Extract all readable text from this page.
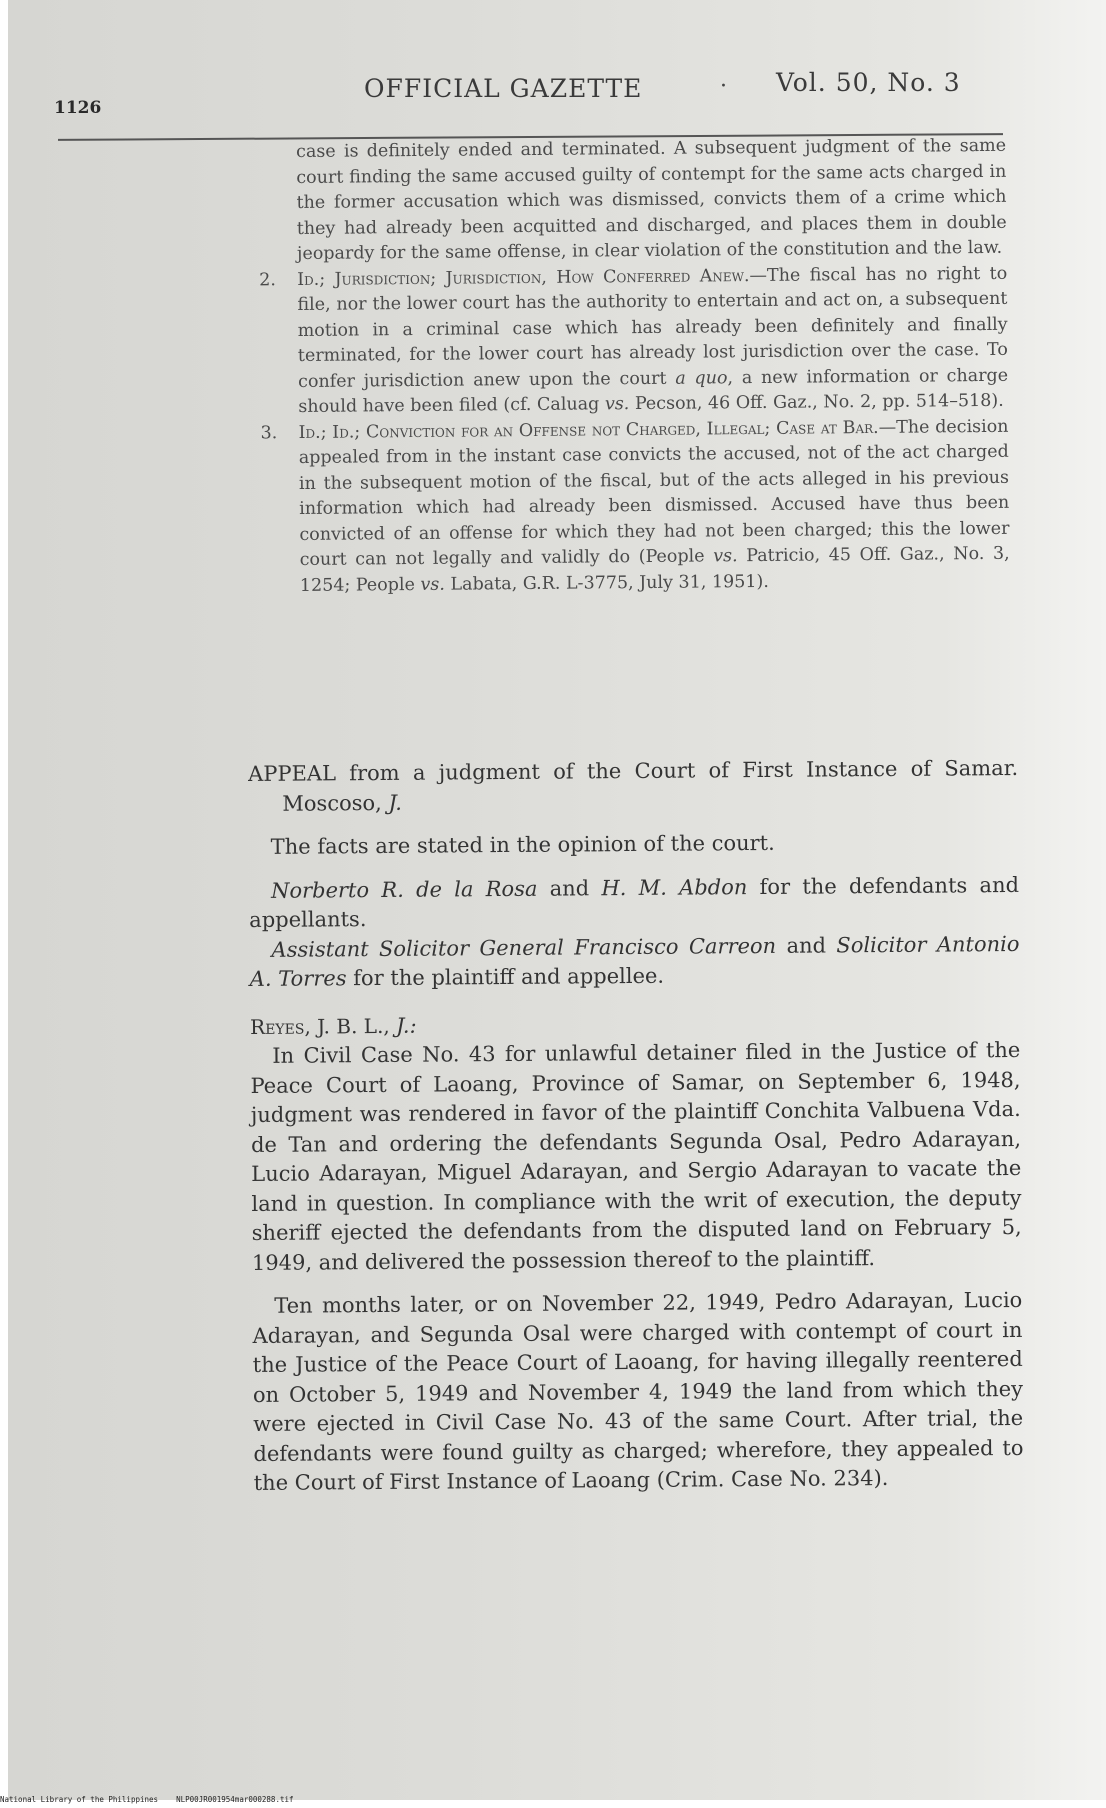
1126
OFFICIAL GAZETTE	· Vol. 50, No. 3

case is definitely ended and terminated. A subsequent judgment of the same court finding the same accused guilty of contempt for the same acts charged in the former accusation which was dismissed, convicts them of a crime which they had already been acquitted and discharged, and places them in double jeopardy for the same offense, in clear violation of the constitution and the law.

2. Id.; Jurisdiction; Jurisdiction, How Conferred Anew.—The fiscal has no right to file, nor the lower court has the authority to entertain and act on, a subsequent motion in a criminal case which has already been definitely and finally terminated, for the lower court has already lost jurisdiction over the case. To confer jurisdiction anew upon the court a quo, a new information or charge should have been filed (cf. Caluag vs. Pecson, 46 Off. Gaz., No. 2, pp. 514–518).

3. Id.; Id.; Conviction for an Offense not Charged, Illegal; Case at Bar.—The decision appealed from in the instant case convicts the accused, not of the act charged in the subsequent motion of the fiscal, but of the acts alleged in his previous information which had already been dismissed. Accused have thus been convicted of an offense for which they had not been charged; this the lower court can not legally and validly do (People vs. Patricio, 45 Off. Gaz., No. 3, 1254; People vs. Labata, G.R. L-3775, July 31, 1951).

APPEAL from a judgment of the Court of First Instance of Samar. Moscoso, J.

The facts are stated in the opinion of the court.

Norberto R. de la Rosa and H. M. Abdon for the defendants and appellants.

Assistant Solicitor General Francisco Carreon and Solicitor Antonio A. Torres for the plaintiff and appellee.

Reyes, J. B. L., J.:

In Civil Case No. 43 for unlawful detainer filed in the Justice of the Peace Court of Laoang, Province of Samar, on September 6, 1948, judgment was rendered in favor of the plaintiff Conchita Valbuena Vda. de Tan and ordering the defendants Segunda Osal, Pedro Adarayan, Lucio Adarayan, Miguel Adarayan, and Sergio Adarayan to vacate the land in question. In compliance with the writ of execution, the deputy sheriff ejected the defendants from the disputed land on February 5, 1949, and delivered the possession thereof to the plaintiff.

Ten months later, or on November 22, 1949, Pedro Adarayan, Lucio Adarayan, and Segunda Osal were charged with contempt of court in the Justice of the Peace Court of Laoang, for having illegally reentered on October 5, 1949 and November 4, 1949 the land from which they were ejected in Civil Case No. 43 of the same Court. After trial, the defendants were found guilty as charged; wherefore, they appealed to the Court of First Instance of Laoang (Crim. Case No. 234).

National Library of the Philippines NLP00JR001954mar000288.tif
